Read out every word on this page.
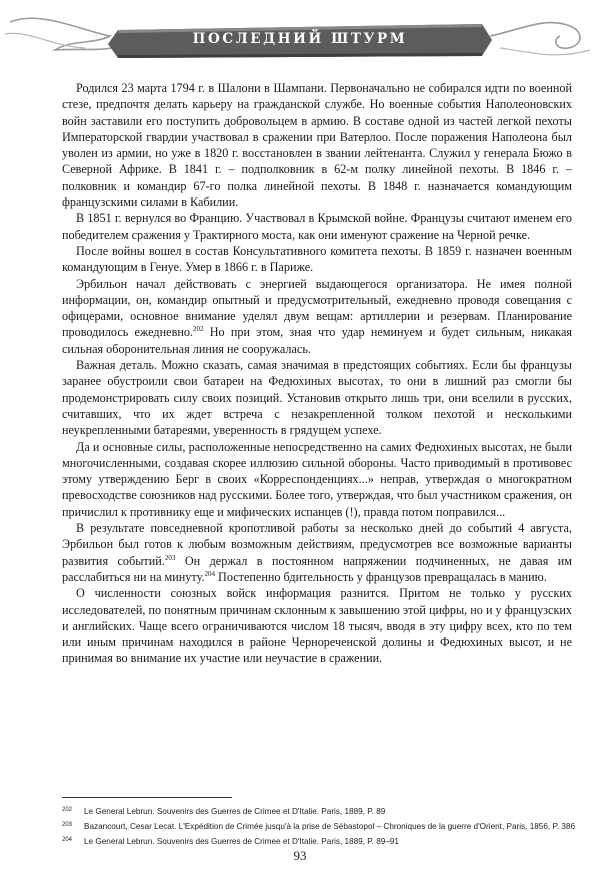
ПОСЛЕДНИЙ ШТУРМ

Родился 23 марта 1794 г. в Шалони в Шампани. Первоначально не собирался идти по военной стезе, предпочтя делать карьеру на гражданской службе. Но военные события Наполеоновских войн заставили его поступить добровольцем в армию. В составе одной из частей легкой пехоты Императорской гвардии участвовал в сражении при Ватерлоо. После поражения Наполеона был уволен из армии, но уже в 1820 г. восстановлен в звании лейтенанта. Служил у генерала Бюжо в Северной Африке. В 1841 г. – подполковник в 62-м полку линейной пехоты. В 1846 г. – полковник и командир 67-го полка линейной пехоты. В 1848 г. назначается командующим французскими силами в Кабилии.

В 1851 г. вернулся во Францию. Участвовал в Крымской войне. Французы считают именем его победителем сражения у Трактирного моста, как они именуют сражение на Черной речке.

После войны вошел в состав Консультативного комитета пехоты. В 1859 г. назначен военным командующим в Генуе. Умер в 1866 г. в Париже.

Эрбильон начал действовать с энергией выдающегося организатора. Не имея полной информации, он, командир опытный и предусмотрительный, ежедневно проводя совещания с офицерами, основное внимание уделял двум вещам: артиллерии и резервам. Планирование проводилось ежедневно.$^{202}$ Но при этом, зная что удар неминуем и будет сильным, никакая сильная оборонительная линия не сооружалась.

Важная деталь. Можно сказать, самая значимая в предстоящих событиях. Если бы французы заранее обустроили свои батареи на Федюхиных высотах, то они в лишний раз смогли бы продемонстрировать силу своих позиций. Установив открыто лишь три, они вселили в русских, считавших, что их ждет встреча с незакрепленной толком пехотой и несколькими неукрепленными батареями, уверенность в грядущем успехе.

Да и основные силы, расположенные непосредственно на самих Федюхиных высотах, не были многочисленными, создавая скорее иллюзию сильной обороны. Часто приводимый в противовес этому утверждению Берг в своих «Корреспонденциях...» неправ, утверждая о многократном превосходстве союзников над русскими. Более того, утверждая, что был участником сражения, он причислил к противнику еще и мифических испанцев (!), правда потом поправился...

В результате повседневной кропотливой работы за несколько дней до событий 4 августа, Эрбильон был готов к любым возможным действиям, предусмотрев все возможные варианты развития событий.$^{203}$ Он держал в постоянном напряжении подчиненных, не давая им расслабиться ни на минуту.$^{204}$ Постепенно бдительность у французов превращалась в манию.

О численности союзных войск информация разнится. Притом не только у русских исследователей, по понятным причинам склонным к завышению этой цифры, но и у французских и английских. Чаще всего ограничиваются числом 18 тысяч, вводя в эту цифру всех, кто по тем или иным причинам находился в районе Чернореченской долины и Федюхиных высот, и не принимая во внимание их участие или неучастие в сражении.

202 Le General Lebrun. Souvenirs des Guerres de Crimee et D'Italie. Paris, 1889, P. 89
203 Bazancourt, Cesar Lecat. L'Expédition de Crimée jusqu'à la prise de Sébastopol – Chroniques de la guerre d'Orient, Paris, 1856, P. 386
204 Le General Lebrun. Souvenirs des Guerres de Crimee et D'Italie. Paris, 1889, P. 89–91
93
